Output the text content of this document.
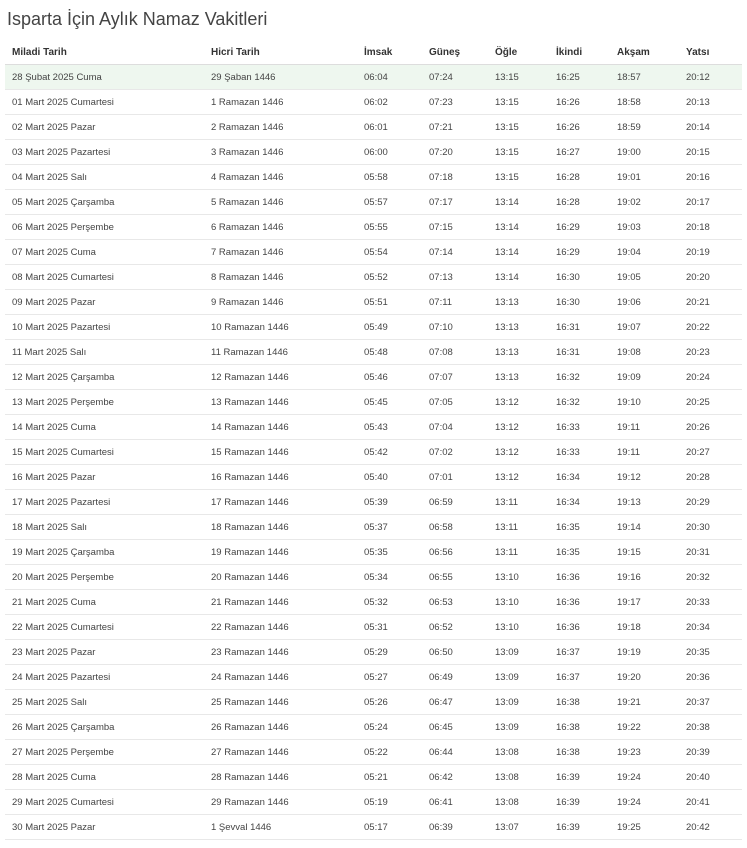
Isparta İçin Aylık Namaz Vakitleri
Miladi Tarih	Hicri Tarih	İmsak	Güneş	Öğle	İkindi	Akşam	Yatsı
28 Şubat 2025 Cuma	29 Şaban 1446	06:04	07:24	13:15	16:25	18:57	20:12
01 Mart 2025 Cumartesi	1 Ramazan 1446	06:02	07:23	13:15	16:26	18:58	20:13
02 Mart 2025 Pazar	2 Ramazan 1446	06:01	07:21	13:15	16:26	18:59	20:14
03 Mart 2025 Pazartesi	3 Ramazan 1446	06:00	07:20	13:15	16:27	19:00	20:15
04 Mart 2025 Salı	4 Ramazan 1446	05:58	07:18	13:15	16:28	19:01	20:16
05 Mart 2025 Çarşamba	5 Ramazan 1446	05:57	07:17	13:14	16:28	19:02	20:17
06 Mart 2025 Perşembe	6 Ramazan 1446	05:55	07:15	13:14	16:29	19:03	20:18
07 Mart 2025 Cuma	7 Ramazan 1446	05:54	07:14	13:14	16:29	19:04	20:19
08 Mart 2025 Cumartesi	8 Ramazan 1446	05:52	07:13	13:14	16:30	19:05	20:20
09 Mart 2025 Pazar	9 Ramazan 1446	05:51	07:11	13:13	16:30	19:06	20:21
10 Mart 2025 Pazartesi	10 Ramazan 1446	05:49	07:10	13:13	16:31	19:07	20:22
11 Mart 2025 Salı	11 Ramazan 1446	05:48	07:08	13:13	16:31	19:08	20:23
12 Mart 2025 Çarşamba	12 Ramazan 1446	05:46	07:07	13:13	16:32	19:09	20:24
13 Mart 2025 Perşembe	13 Ramazan 1446	05:45	07:05	13:12	16:32	19:10	20:25
14 Mart 2025 Cuma	14 Ramazan 1446	05:43	07:04	13:12	16:33	19:11	20:26
15 Mart 2025 Cumartesi	15 Ramazan 1446	05:42	07:02	13:12	16:33	19:11	20:27
16 Mart 2025 Pazar	16 Ramazan 1446	05:40	07:01	13:12	16:34	19:12	20:28
17 Mart 2025 Pazartesi	17 Ramazan 1446	05:39	06:59	13:11	16:34	19:13	20:29
18 Mart 2025 Salı	18 Ramazan 1446	05:37	06:58	13:11	16:35	19:14	20:30
19 Mart 2025 Çarşamba	19 Ramazan 1446	05:35	06:56	13:11	16:35	19:15	20:31
20 Mart 2025 Perşembe	20 Ramazan 1446	05:34	06:55	13:10	16:36	19:16	20:32
21 Mart 2025 Cuma	21 Ramazan 1446	05:32	06:53	13:10	16:36	19:17	20:33
22 Mart 2025 Cumartesi	22 Ramazan 1446	05:31	06:52	13:10	16:36	19:18	20:34
23 Mart 2025 Pazar	23 Ramazan 1446	05:29	06:50	13:09	16:37	19:19	20:35
24 Mart 2025 Pazartesi	24 Ramazan 1446	05:27	06:49	13:09	16:37	19:20	20:36
25 Mart 2025 Salı	25 Ramazan 1446	05:26	06:47	13:09	16:38	19:21	20:37
26 Mart 2025 Çarşamba	26 Ramazan 1446	05:24	06:45	13:09	16:38	19:22	20:38
27 Mart 2025 Perşembe	27 Ramazan 1446	05:22	06:44	13:08	16:38	19:23	20:39
28 Mart 2025 Cuma	28 Ramazan 1446	05:21	06:42	13:08	16:39	19:24	20:40
29 Mart 2025 Cumartesi	29 Ramazan 1446	05:19	06:41	13:08	16:39	19:24	20:41
30 Mart 2025 Pazar	1 Şevval 1446	05:17	06:39	13:07	16:39	19:25	20:42
